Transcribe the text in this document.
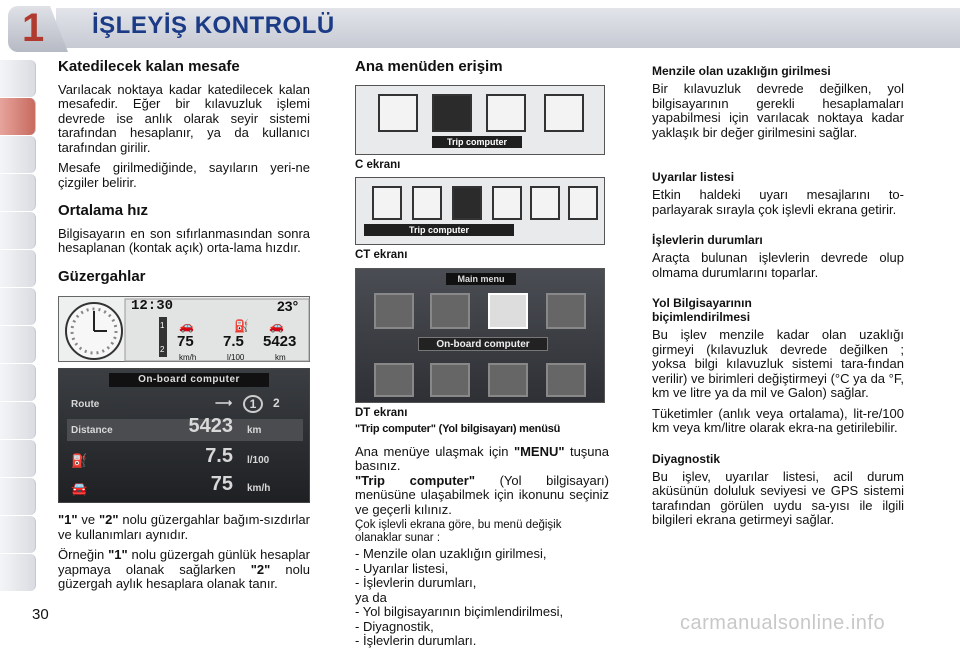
1 İŞLEYİŞ KONTROLÜ
Katedilecek kalan mesafe

Varılacak noktaya kadar katedilecek kalan mesafedir. Eğer bir kılavuzluk işlemi devrede ise anlık olarak seyir sistemi tarafından hesaplanır, ya da kullanıcı tarafından girilir.

Mesafe girilmediğinde, sayıların yeri-ne çizgiler belirir.

Ortalama hız

Bilgisayarın en son sıfırlanmasından sonra hesaplanan (kontak açık) orta-lama hızdır.

Güzergahlar
12:30	23°
1
2
🚗	⛽ 🚗
75
km/h
7.5
l/100
5423
km
On-board computer
Route	⟶	1	2
Distance	5423 km
⛽	7.5 l/100
🚘	75 km/h

"1" ve "2" nolu güzergahlar bağım-sızdırlar ve kullanımları aynıdır.

Örneğin "1" nolu güzergah günlük hesaplar yapmaya olanak sağlarken "2" nolu güzergah aylık hesaplara olanak tanır.

Ana menüden erişim
Trip computer
C ekranı
Trip computer
CT ekranı
Main menu
On-board computer
DT ekranı
"Trip computer" (Yol bilgisayarı) menüsü

Ana menüye ulaşmak için "MENU" tuşuna basınız.

"Trip computer" (Yol bilgisayarı) menüsüne ulaşabilmek için ikonunu seçiniz ve geçerli kılınız.

Çok işlevli ekrana göre, bu menü değişik olanaklar sunar :

- Menzile olan uzaklığın girilmesi,
- Uyarılar listesi,
- İşlevlerin durumları,
ya da
- Yol bilgisayarının biçimlendirilmesi,
- Diyagnostik,
- İşlevlerin durumları.
Menzile olan uzaklığın girilmesi

Bir kılavuzluk devrede değilken, yol bilgisayarının gerekli hesaplamaları yapabilmesi için varılacak noktaya kadar yaklaşık bir değer girilmesini sağlar.

Uyarılar listesi

Etkin haldeki uyarı mesajlarını to-parlayarak sırayla çok işlevli ekrana getirir.

İşlevlerin durumları

Araçta bulunan işlevlerin devrede olup olmama durumlarını toparlar.

Yol Bilgisayarının biçimlendirilmesi

Bu işlev menzile kadar olan uzaklığı girmeyi (kılavuzluk devrede değilken ; yoksa bilgi kılavuzluk sistemi tara-fından verilir) ve birimleri değiştirmeyi (°C ya da °F, km ve litre ya da mil ve Galon) sağlar.

Tüketimler (anlık veya ortalama), lit-re/100 km veya km/litre olarak ekra-na getirilebilir.

Diyagnostik

Bu işlev, uyarılar listesi, acil durum aküsünün doluluk seviyesi ve GPS sistemi tarafından görülen uydu sa-yısı ile ilgili bilgileri ekrana getirmeyi sağlar.

30	carmanualsonline.info
